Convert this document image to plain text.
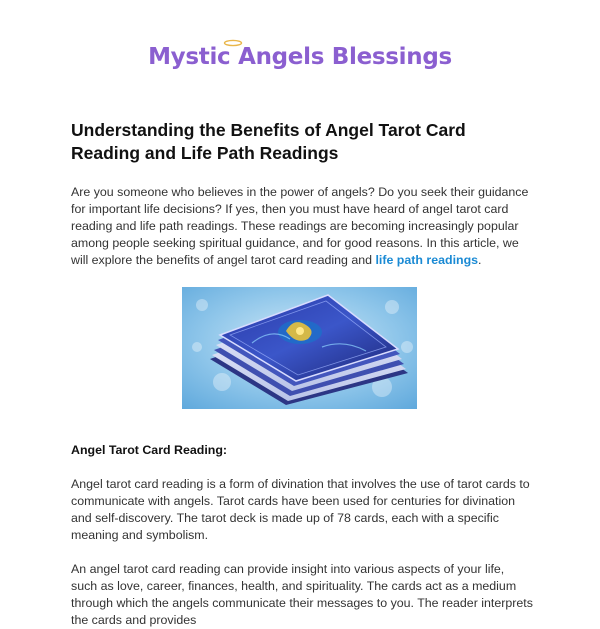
Mystic Angels Blessings
Understanding the Benefits of Angel Tarot Card Reading and Life Path Readings

Are you someone who believes in the power of angels? Do you seek their guidance for important life decisions? If yes, then you must have heard of angel tarot card reading and life path readings. These readings are becoming increasingly popular among people seeking spiritual guidance, and for good reasons. In this article, we will explore the benefits of angel tarot card reading and life path readings.

Angel Tarot Card Reading:

Angel tarot card reading is a form of divination that involves the use of tarot cards to communicate with angels. Tarot cards have been used for centuries for divination and self-discovery. The tarot deck is made up of 78 cards, each with a specific meaning and symbolism.

An angel tarot card reading can provide insight into various aspects of your life, such as love, career, finances, health, and spirituality. The cards act as a medium through which the angels communicate their messages to you. The reader interprets the cards and provides
